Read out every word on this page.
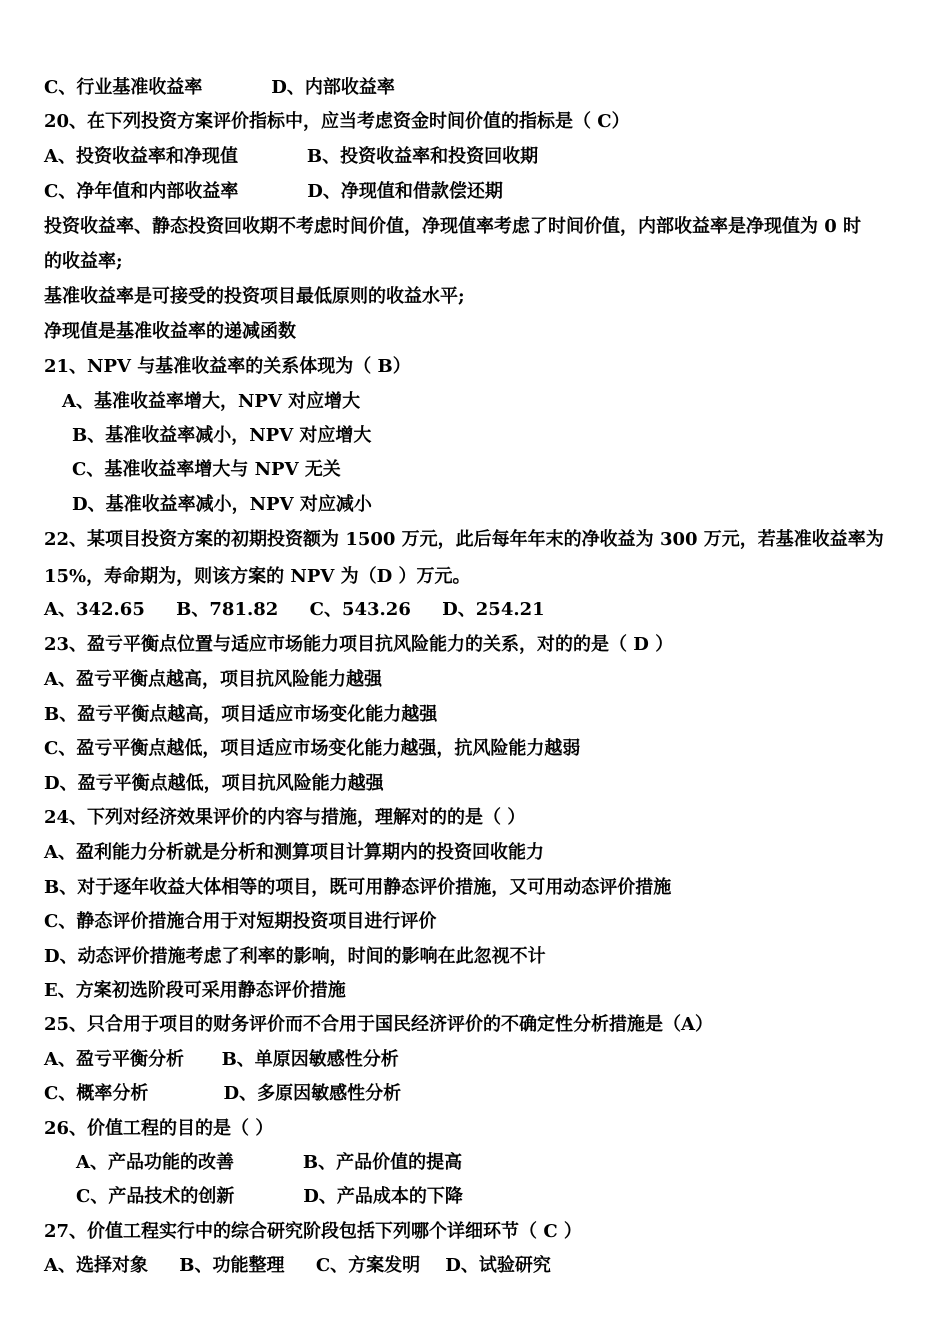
C、行业基准收益率           D、内部收益率
20、在下列投资方案评价指标中，应当考虑资金时间价值的指标是（ C）
A、投资收益率和净现值           B、投资收益率和投资回收期
C、净年值和内部收益率           D、净现值和借款偿还期
投资收益率、静态投资回收期不考虑时间价值，净现值率考虑了时间价值，内部收益率是净现值为 0 时
的收益率;
基准收益率是可接受的投资项目最低原则的收益水平;
净现值是基准收益率的递减函数
21、NPV 与基准收益率的关系体现为（ B）
A、基准收益率增大，NPV 对应增大
B、基准收益率减小，NPV 对应增大
C、基准收益率增大与 NPV 无关
D、基准收益率减小，NPV 对应减小
22、某项目投资方案的初期投资额为 1500 万元，此后每年年末的净收益为 300 万元，若基准收益率为
15%，寿命期为，则该方案的 NPV 为（D ）万元。
A、342.65     B、781.82     C、543.26     D、254.21
23、盈亏平衡点位置与适应市场能力项目抗风险能力的关系，对的的是（ D ）
A、盈亏平衡点越高，项目抗风险能力越强
B、盈亏平衡点越高，项目适应市场变化能力越强
C、盈亏平衡点越低，项目适应市场变化能力越强，抗风险能力越弱
D、盈亏平衡点越低，项目抗风险能力越强
24、下列对经济效果评价的内容与措施，理解对的的是（ ）
A、盈利能力分析就是分析和测算项目计算期内的投资回收能力
B、对于逐年收益大体相等的项目，既可用静态评价措施，又可用动态评价措施
C、静态评价措施合用于对短期投资项目进行评价
D、动态评价措施考虑了利率的影响，时间的影响在此忽视不计
E、方案初选阶段可采用静态评价措施
25、只合用于项目的财务评价而不合用于国民经济评价的不确定性分析措施是（A）
A、盈亏平衡分析      B、单原因敏感性分析
C、概率分析            D、多原因敏感性分析
26、价值工程的目的是（ ）
A、产品功能的改善           B、产品价值的提高
C、产品技术的创新           D、产品成本的下降
27、价值工程实行中的综合研究阶段包括下列哪个详细环节（ C ）
A、选择对象     B、功能整理     C、方案发明    D、试验研究
